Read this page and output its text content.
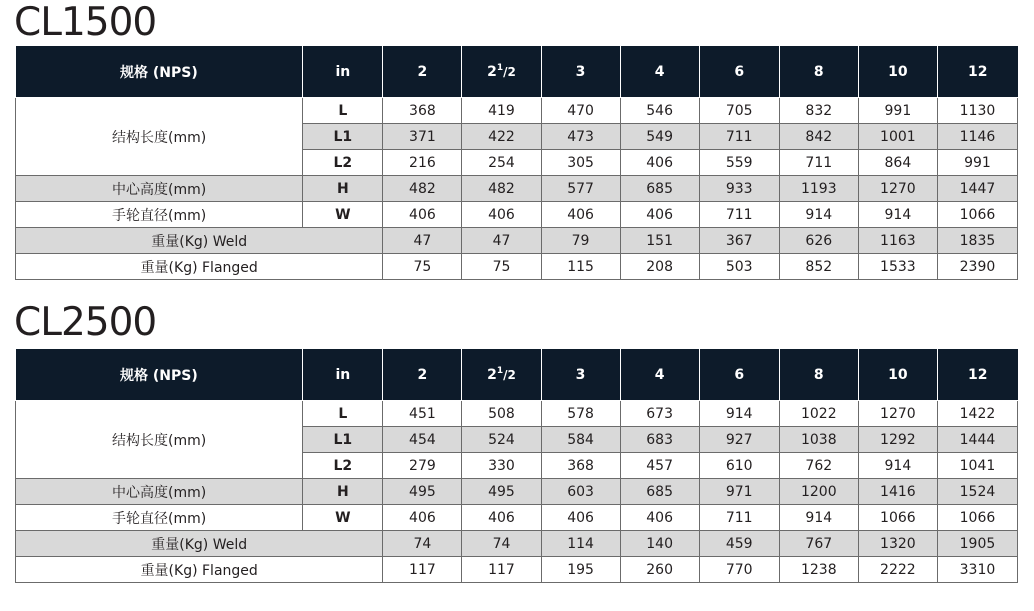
CL1500
规格 (NPS)	in	2	$2^1/2$	3	4	6	8	10	12
结构长度(mm)	L	368	419	470	546	705	832	991	1130
	L1	371	422	473	549	711	842	1001	1146
	L2	216	254	305	406	559	711	864	991
中心高度(mm)	H	482	482	577	685	933	1193	1270	1447
手轮直径(mm)	W	406	406	406	406	711	914	914	1066
重量(Kg) Weld		47	47	79	151	367	626	1163	1835
重量(Kg) Flanged		75	75	115	208	503	852	1533	2390
CL2500
规格 (NPS)	in	2	$2^1/2$	3	4	6	8	10	12
结构长度(mm)	L	451	508	578	673	914	1022	1270	1422
	L1	454	524	584	683	927	1038	1292	1444
	L2	279	330	368	457	610	762	914	1041
中心高度(mm)	H	495	495	603	685	971	1200	1416	1524
手轮直径(mm)	W	406	406	406	406	711	914	1066	1066
重量(Kg) Weld		74	74	114	140	459	767	1320	1905
重量(Kg) Flanged		117	117	195	260	770	1238	2222	3310
